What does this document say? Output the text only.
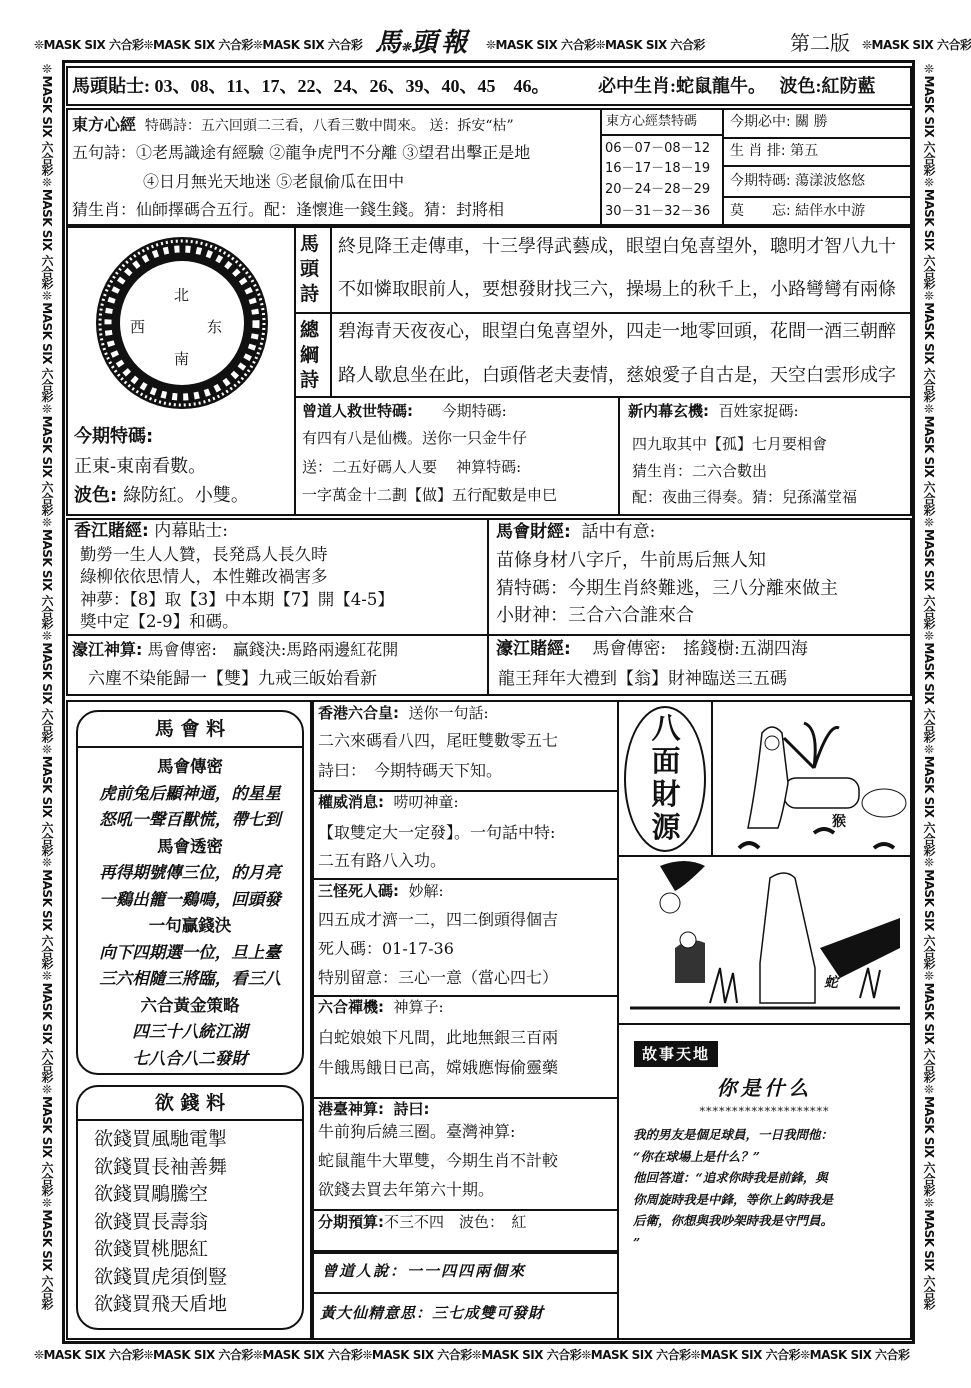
❊MASK SIX 六合彩❊MASK SIX 六合彩❊MASK SIX 六合彩 馬❊頭 報 ❊MASK SIX 六合彩❊MASK SIX 六合彩	第二版 ❊MASK SIX 六合彩
❊MASK SIX 六合彩❊MASK SIX 六合彩❊MASK SIX 六合彩❊MASK SIX 六合彩❊MASK SIX 六合彩❊MASK SIX 六合彩❊MASK SIX 六合彩❊MASK SIX 六合彩❊MASK SIX 六合彩❊MASK SIX 六合彩❊MASK SIX 六合彩	❊MASK SIX 六合彩❊MASK SIX 六合彩❊MASK SIX 六合彩❊MASK SIX 六合彩❊MASK SIX 六合彩❊MASK SIX 六合彩❊MASK SIX 六合彩❊MASK SIX 六合彩❊MASK SIX 六合彩❊MASK SIX 六合彩❊MASK SIX 六合彩
❊MASK SIX 六合彩❊MASK SIX 六合彩❊MASK SIX 六合彩❊MASK SIX 六合彩❊MASK SIX 六合彩❊MASK SIX 六合彩❊MASK SIX 六合彩❊MASK SIX 六合彩
馬頭貼士: 03、08、11、17、22、24、26、39、40、45　46。	必中生肖:蛇鼠龍牛。 波色:紅防藍
東方心經 特碼詩：五六回頭二三看，八看三數中間來。 送：拆安“枯”
五句詩：①老馬識途有經驗 ②龍争虎門不分離 ③望君出擊正是地
④日月無光天地迷 ⑤老鼠偷瓜在田中
猜生肖：仙師擇碼合五行。配：逢懷進一錢生錢。猜：封將相
東方心經禁特碼
06－07－08－12
16－17－18－19
20－24－28－29
30－31－32－36
今期必中: 關 勝
生 肖 排: 第五
今期特碼: 蕩漾波悠悠
莫　　忘: 結伴水中游
北
西	东
南
今期特碼:
正東-東南看數。
波色: 綠防紅。小雙。
馬頭詩
總綱詩
終見降王走傳車，十三學得武藝成，眼望白兔喜望外，聰明才智八九十
不如憐取眼前人，要想發財找三六，操場上的秋千上，小路彎彎有兩條
碧海青天夜夜心，眼望白兔喜望外，四走一地零回頭，花間一酒三朝醉
路人歇息坐在此，白頭偕老夫妻情，慈娘愛子自古是，天空白雲形成字
曾道人救世特碼: 今期特碼:
有四有八是仙機。送你一只金牛仔
送：二五好碼人人要 神算特碼:
一字萬金十二劃【做】五行配數是申巳
新内幕玄機: 百姓家捉碼:
四九取其中【孤】七月要相會
猜生肖：二六合數出
配：夜曲三得奏。猜：兒孫滿堂福
香江賭經: 内幕貼士:
勤勞一生人人贊，長発爲人長久時
綠柳依依思情人，本性難改禍害多
神夢：【8】取【3】中本期【7】開【4-5】
獎中定【2-9】和碼。
馬會財經: 話中有意:
苗條身材八字斤，牛前馬后無人知
猜特碼：今期生肖終難逃，三八分離來做主
小財神：三合六合誰來合
濠江神算: 馬會傳密:　贏錢決:馬路兩邊紅花開
六塵不染能歸一【雙】九戒三皈始看新
濠江賭經: 馬會傳密:　搖錢樹:五湖四海
龍王拜年大禮到【翁】財神臨送三五碼
馬 會 料
馬會傳密
虎前兔后顯神通，的星星
怒吼一聲百獸慌，帶七到
馬會透密
再得期號傳三位，的月亮
一鷄出籠一鷄鳴，回頭發
一句贏錢決
向下四期選一位，旦上臺
三六相隨三將臨，看三八
六合黃金策略
四三十八統江湖
七八合八二發財
欲 錢 料
欲錢買風馳電掣
欲錢買長袖善舞
欲錢買鵰騰空
欲錢買長壽翁
欲錢買桃腮紅
欲錢買虎須倒豎
欲錢買飛天盾地
香港六合皇: 送你一句話:
二六來碼看八四，尾旺雙數零五七
詩曰：　今期特碼天下知。
權威消息: 唠叨神童:
【取雙定大一定發】。一句話中特:
二五有路八入功。
三怪死人碼: 妙解:
四五成才濟一二，四二倒頭得個吉
死人碼：01-17-36
特别留意：三心一意（當心四七）
六合禪機: 神算子:
白蛇娘娘下凡間，此地無銀三百兩
牛餓馬餓日已高，嫦娥應悔偷靈藥
港臺神算: 詩曰:
牛前狗后繞三圈。臺灣神算:
蛇鼠龍牛大單雙，今期生肖不計較
欲錢去買去年第六十期。
分期預算:不三不四　波色：　紅
曾道人說：一一四四兩個來
黃大仙精意思：三七成雙可發財
八
面
財
源	猴
蛇
故事天地
你是什么
********************
我的男友是個足球員，一日我問他：
“你在球場上是什么？”
他回答道：“追求你時我是前鋒，與
你周旋時我是中鋒，等你上鈎時我是
后衛，你想與我吵架時我是守門員。
”
